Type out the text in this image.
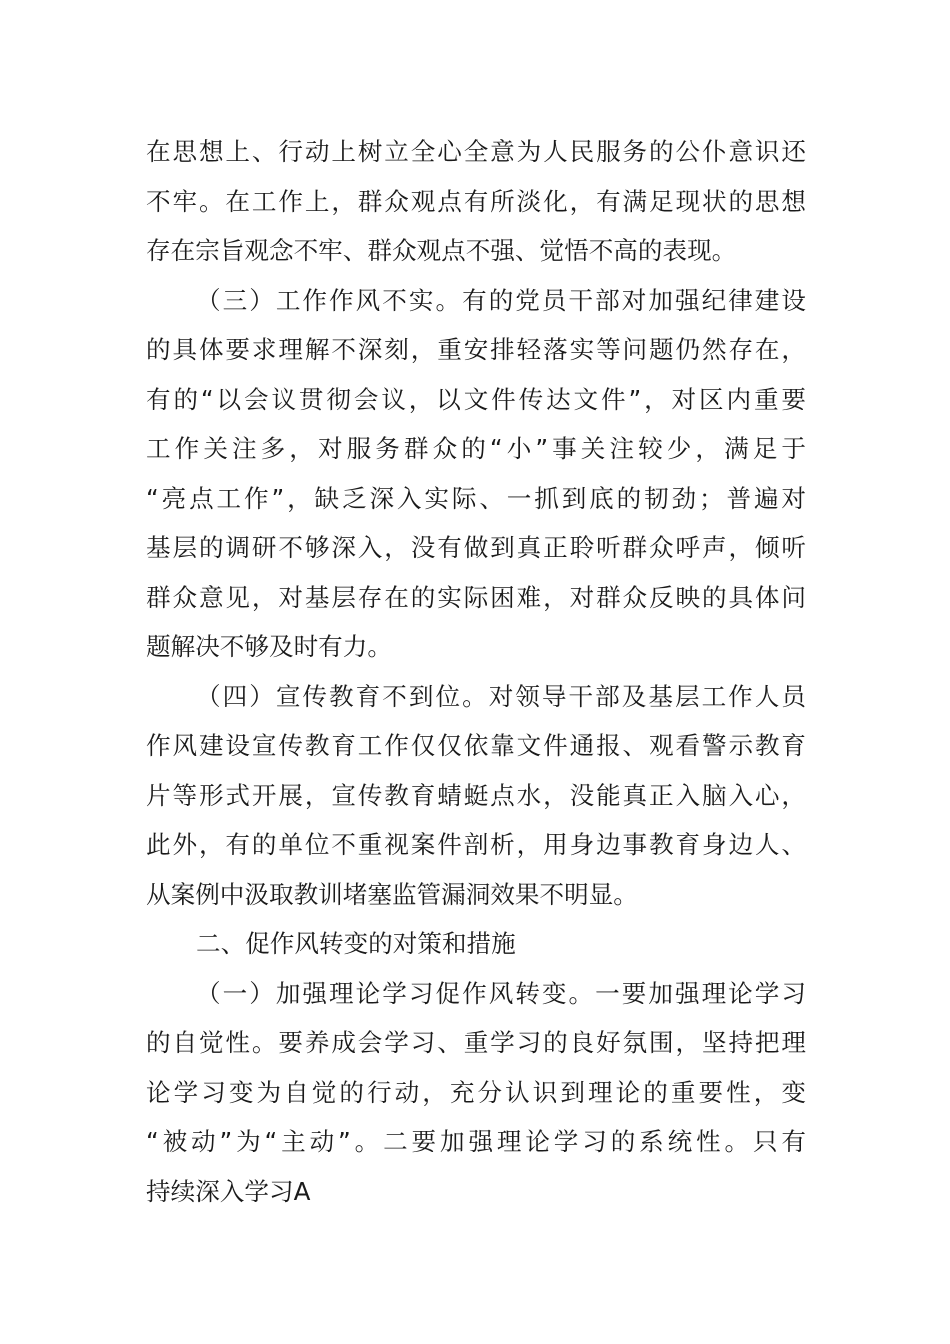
在思想上、行动上树立全心全意为人民服务的公仆意识还
不牢。在工作上，群众观点有所淡化，有满足现状的思想
存在宗旨观念不牢、群众观点不强、觉悟不高的表现。
（三）工作作风不实。有的党员干部对加强纪律建设
的具体要求理解不深刻，重安排轻落实等问题仍然存在，
有的“以会议贯彻会议，以文件传达文件”，对区内重要
工作关注多，对服务群众的“小”事关注较少，满足于
“亮点工作”，缺乏深入实际、一抓到底的韧劲；普遍对
基层的调研不够深入，没有做到真正聆听群众呼声，倾听
群众意见，对基层存在的实际困难，对群众反映的具体问
题解决不够及时有力。
（四）宣传教育不到位。对领导干部及基层工作人员
作风建设宣传教育工作仅仅依靠文件通报、观看警示教育
片等形式开展，宣传教育蜻蜓点水，没能真正入脑入心，
此外，有的单位不重视案件剖析，用身边事教育身边人、
从案例中汲取教训堵塞监管漏洞效果不明显。
二、促作风转变的对策和措施
（一）加强理论学习促作风转变。一要加强理论学习
的自觉性。要养成会学习、重学习的良好氛围，坚持把理
论学习变为自觉的行动，充分认识到理论的重要性，变
“被动”为“主动”。二要加强理论学习的系统性。只有
持续深入学习A
